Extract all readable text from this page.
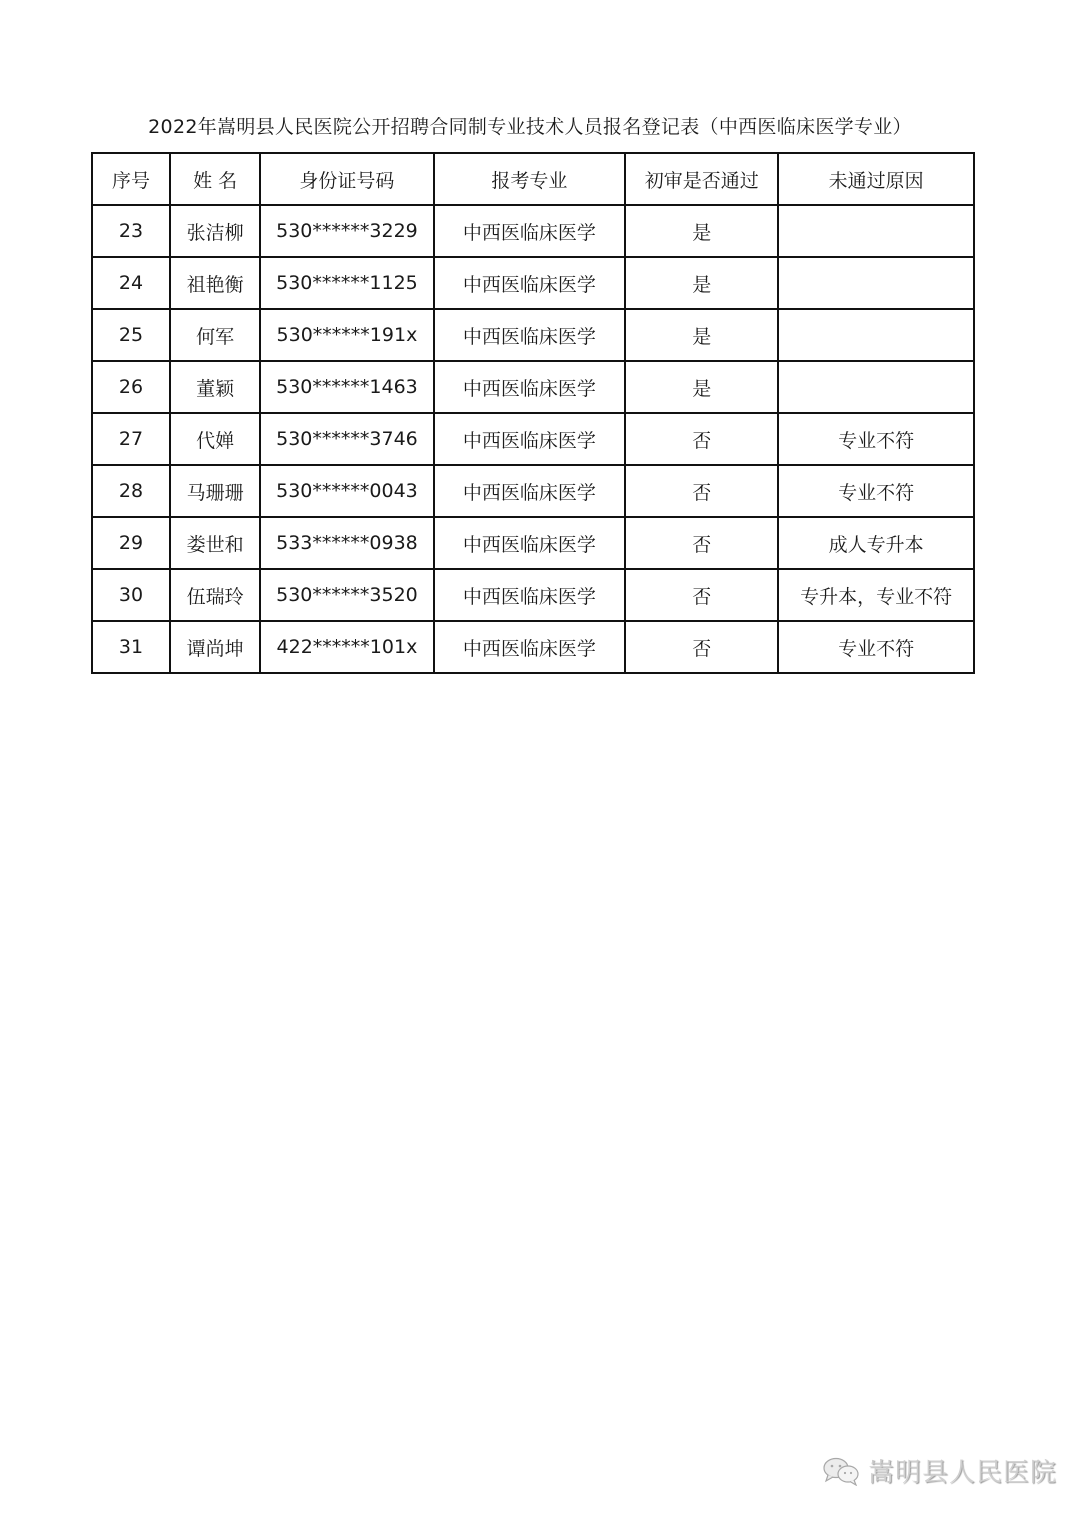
2022年嵩明县人民医院公开招聘合同制专业技术人员报名登记表（中西医临床医学专业）
序号	姓 名	身份证号码	报考专业	初审是否通过	未通过原因
23	张洁柳	530******3229	中西医临床医学	是	
24	祖艳衡	530******1125	中西医临床医学	是	
25	何军	530******191x	中西医临床医学	是	
26	董颖	530******1463	中西医临床医学	是	
27	代婵	530******3746	中西医临床医学	否	专业不符
28	马珊珊	530******0043	中西医临床医学	否	专业不符
29	娄世和	533******0938	中西医临床医学	否	成人专升本
30	伍瑞玲	530******3520	中西医临床医学	否	专升本，专业不符
31	谭尚坤	422******101x	中西医临床医学	否	专业不符
嵩明县人民医院
